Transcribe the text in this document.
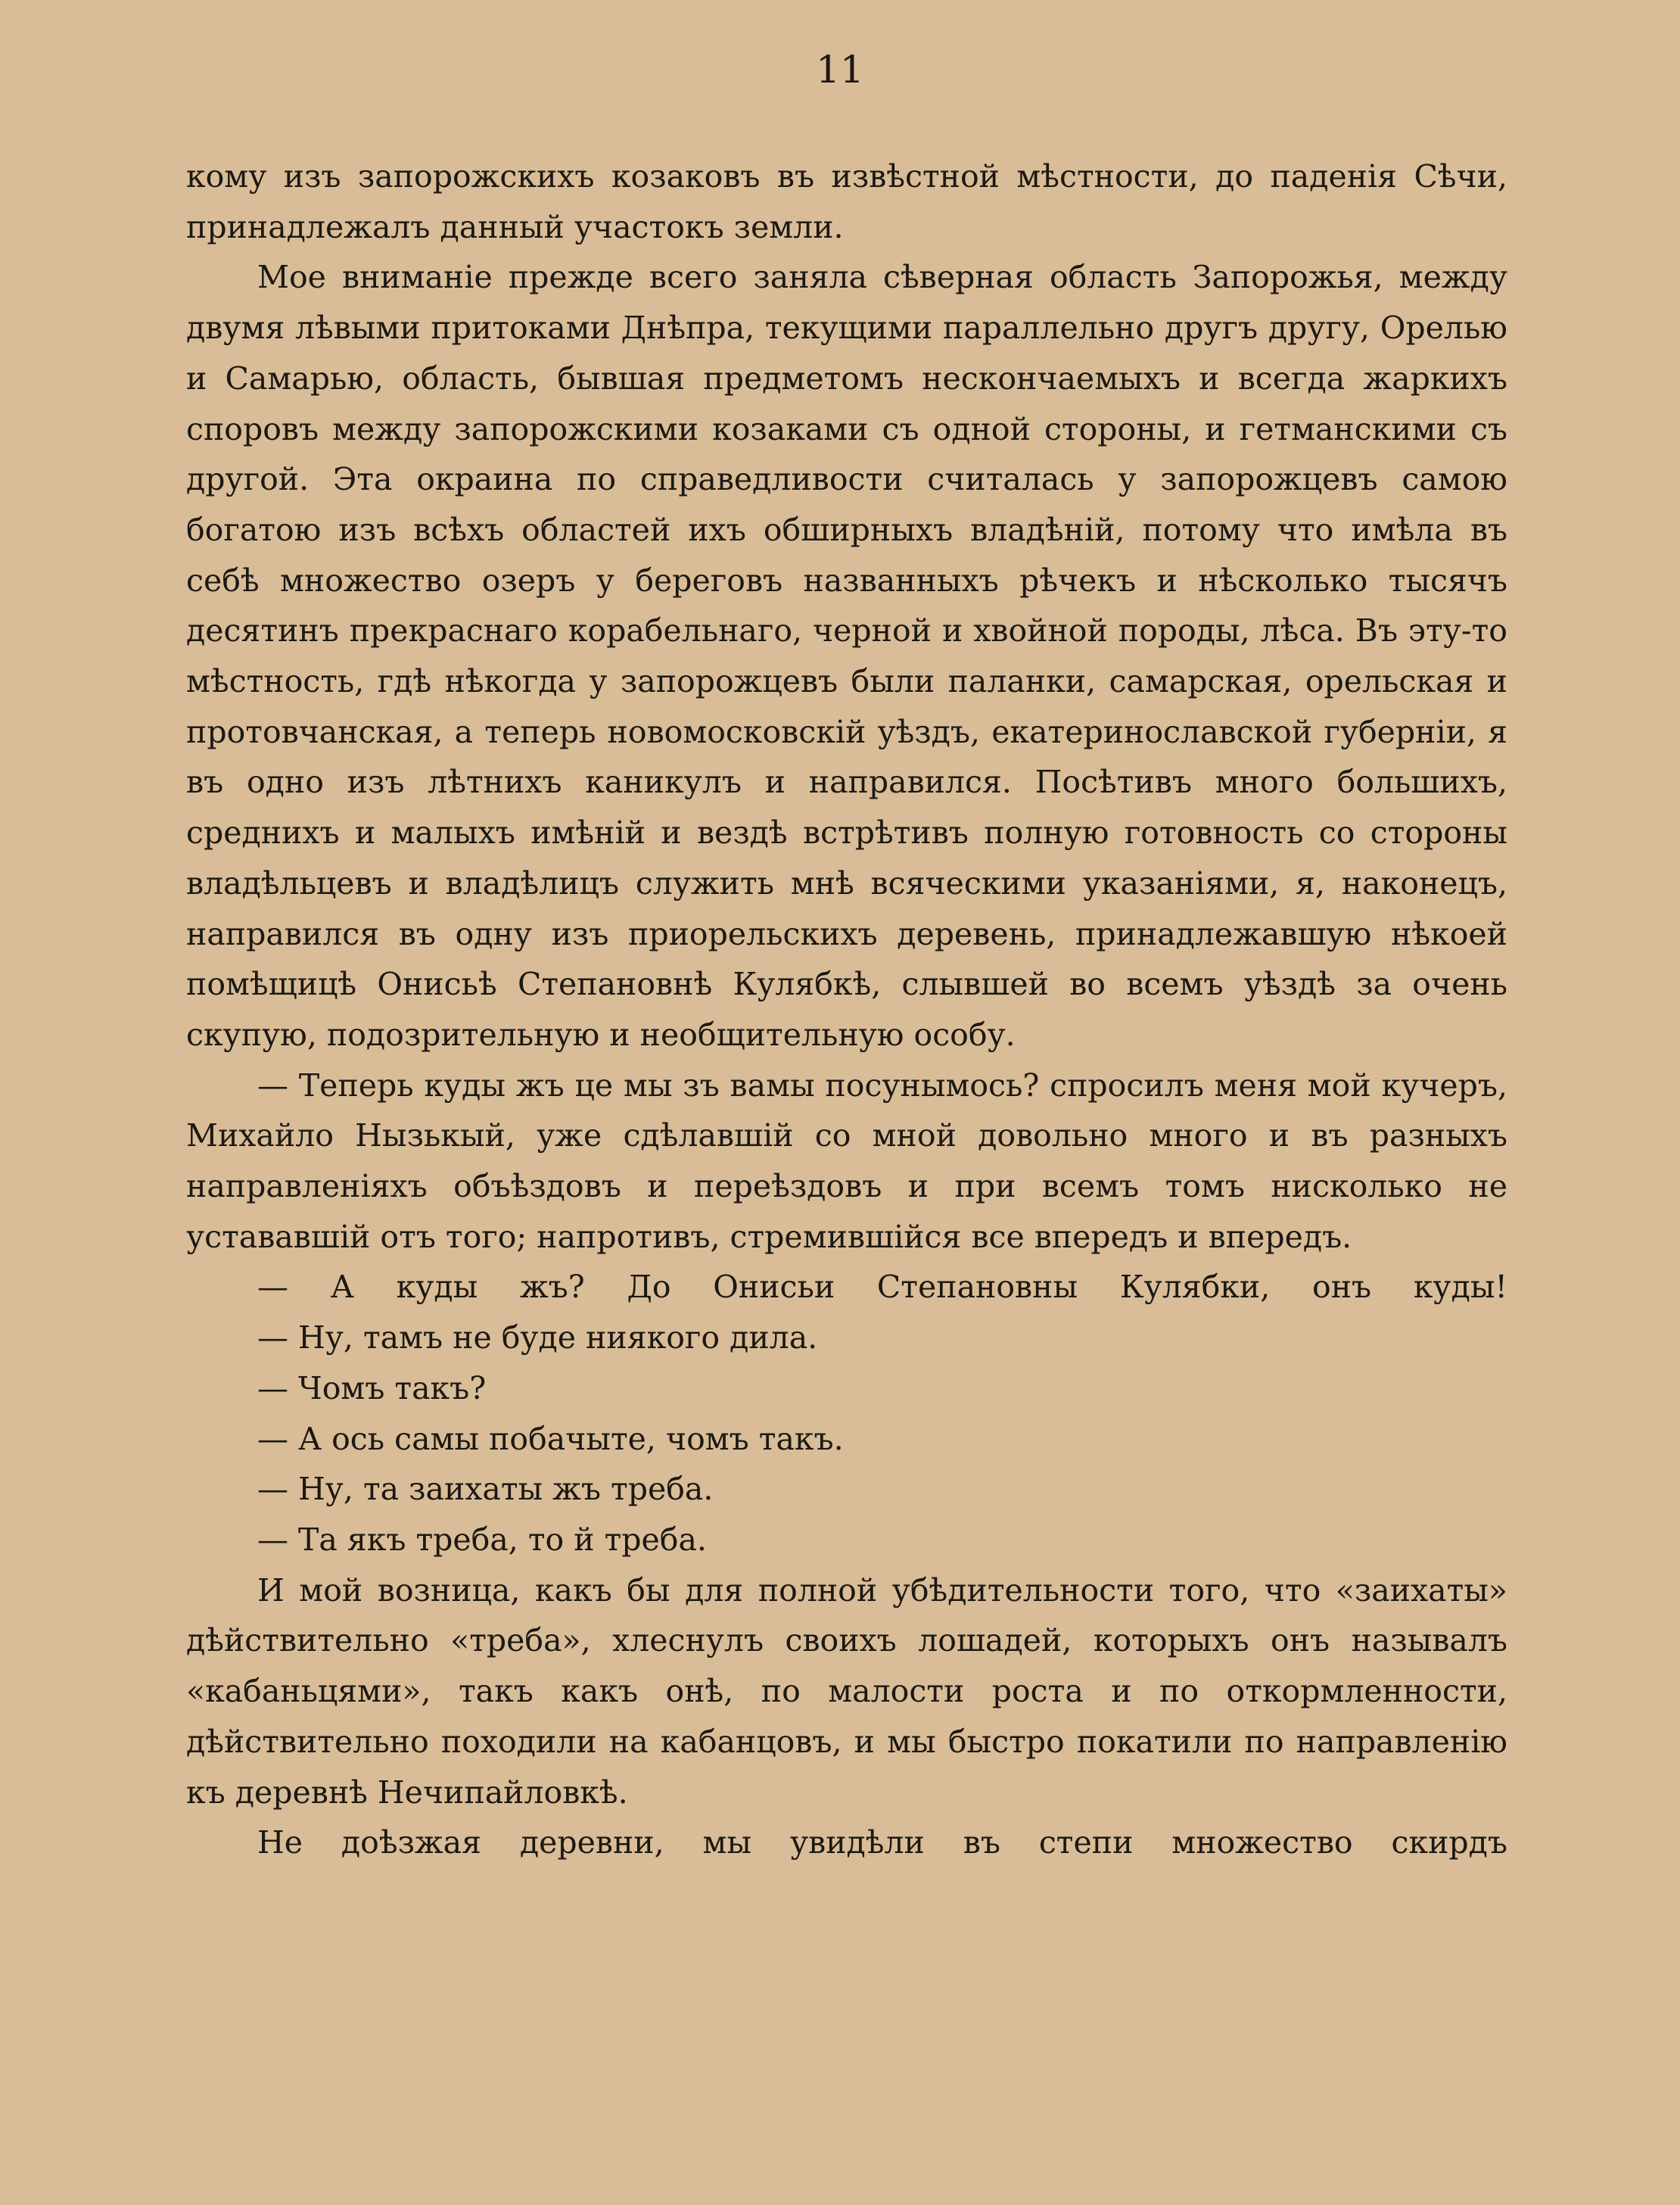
11

кому изъ запорожскихъ козаковъ въ извѣстной мѣстности, до паденія Сѣчи, принадлежалъ данный участокъ земли.

Мое вниманіе прежде всего заняла сѣверная область Запорожья, между двумя лѣвыми притоками Днѣпра, текущими параллельно другъ другу, Орелью и Самарью, область, бывшая предметомъ нескончаемыхъ и всегда жаркихъ споровъ между запорожскими козаками съ одной стороны, и гетманскими съ другой. Эта окраина по справедливости считалась у запорожцевъ самою богатою изъ всѣхъ областей ихъ обширныхъ владѣній, потому что имѣла въ себѣ множество озеръ у береговъ названныхъ рѣчекъ и нѣсколько тысячъ десятинъ прекраснаго корабельнаго, черной и хвойной породы, лѣса. Въ эту-то мѣстность, гдѣ нѣкогда у запорожцевъ были паланки, самарская, орельская и протовчанская, а теперь новомосковскій уѣздъ, екатеринославской губерніи, я въ одно изъ лѣтнихъ каникулъ и направился. Посѣтивъ много большихъ, среднихъ и малыхъ имѣній и вездѣ встрѣтивъ полную готовность со стороны владѣльцевъ и владѣлицъ служить мнѣ всяческими указаніями, я, наконецъ, направился въ одну изъ приорельскихъ деревень, принадлежавшую нѣкоей помѣщицѣ Онисьѣ Степановнѣ Кулябкѣ, слывшей во всемъ уѣздѣ за очень скупую, подозрительную и необщительную особу.

— Теперь куды жъ це мы зъ вамы посунымось? спросилъ меня мой кучеръ, Михайло Нызькый, уже сдѣлавшій со мной довольно много и въ разныхъ направленіяхъ объѣздовъ и переѣздовъ и при всемъ томъ нисколько не устававшій отъ того; напротивъ, стремившійся все впередъ и впередъ.

— А куды жъ? До Онисьи Степановны Кулябки, онъ куды!

— Ну, тамъ не буде ниякого дила.

— Чомъ такъ?

— А ось самы побачыте, чомъ такъ.

— Ну, та заихаты жъ треба.

— Та якъ треба, то й треба.

И мой возница, какъ бы для полной убѣдительности того, что «заихаты» дѣйствительно «треба», хлеснулъ своихъ лошадей, которыхъ онъ называлъ «кабаньцями», такъ какъ онѣ, по малости роста и по откормленности, дѣйствительно походили на кабанцовъ, и мы быстро покатили по направленію къ деревнѣ Нечипайловкѣ.

Не доѣзжая деревни, мы увидѣли въ степи множество скирдъ
